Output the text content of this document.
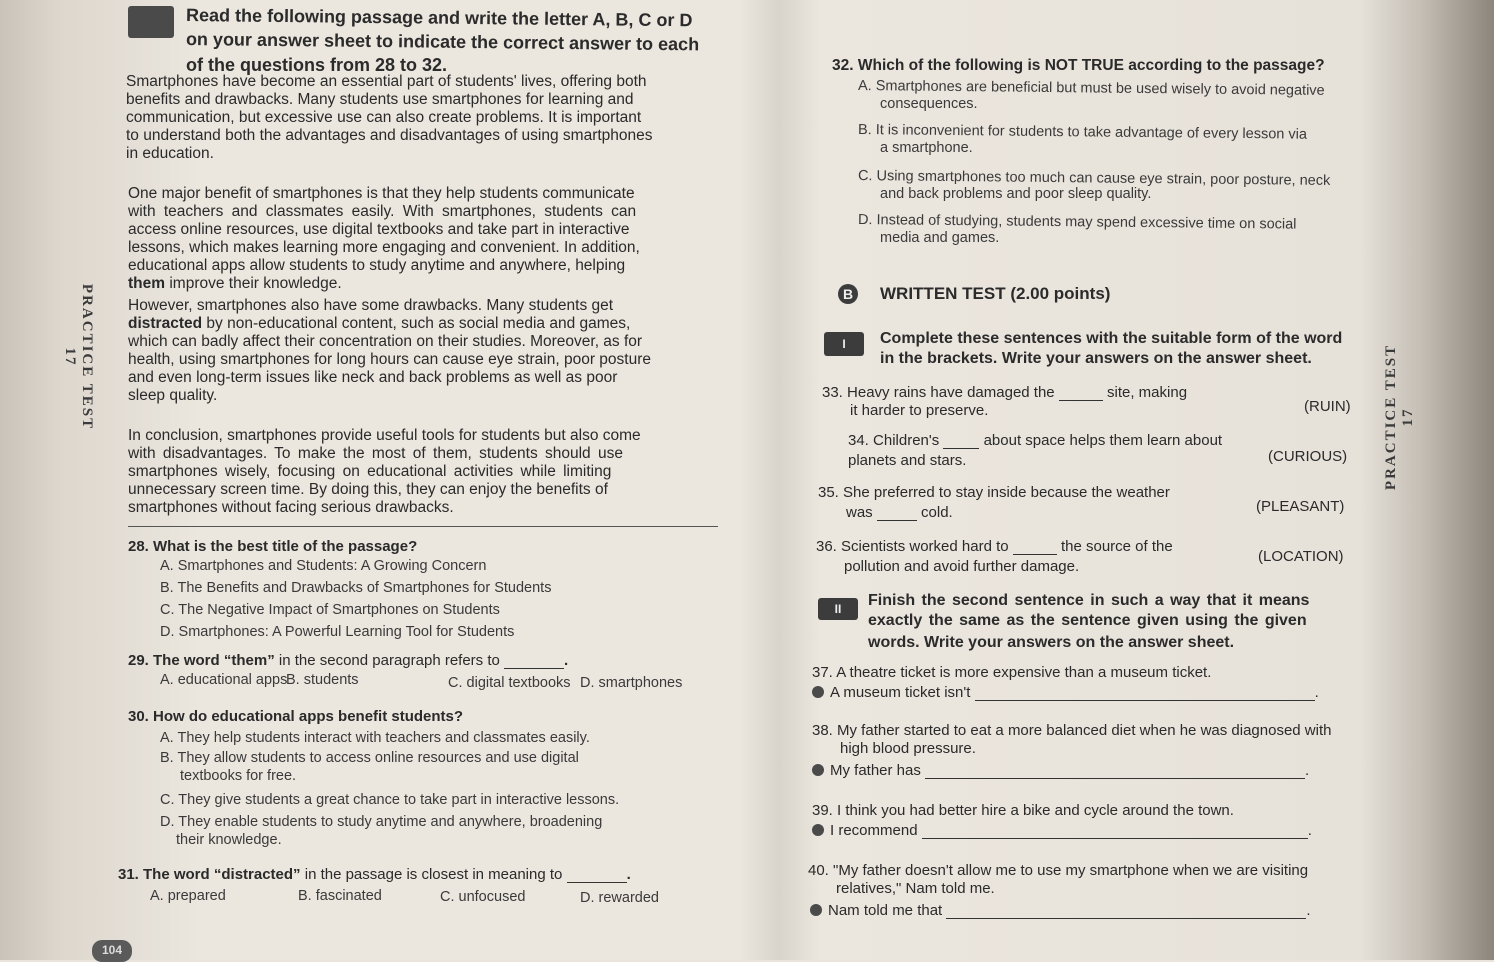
Read the following passage and write the letter A, B, C or D
on your answer sheet to indicate the correct answer to each
of the questions from 28 to 32.
PRACTICE TEST 17	PRACTICE TEST 17
Smartphones have become an essential part of students' lives, offering both
benefits and drawbacks. Many students use smartphones for learning and
communication, but excessive use can also create problems. It is important
to understand both the advantages and disadvantages of using smartphones
in education.
One major benefit of smartphones is that they help students communicate
with teachers and classmates easily. With smartphones, students can
access online resources, use digital textbooks and take part in interactive
lessons, which makes learning more engaging and convenient. In addition,
educational apps allow students to study anytime and anywhere, helping
them improve their knowledge.
However, smartphones also have some drawbacks. Many students get
distracted by non-educational content, such as social media and games,
which can badly affect their concentration on their studies. Moreover, as for
health, using smartphones for long hours can cause eye strain, poor posture
and even long-term issues like neck and back problems as well as poor
sleep quality.
In conclusion, smartphones provide useful tools for students but also come
with disadvantages. To make the most of them, students should use
smartphones wisely, focusing on educational activities while limiting
unnecessary screen time. By doing this, they can enjoy the benefits of
smartphones without facing serious drawbacks.
28. What is the best title of the passage?
A. Smartphones and Students: A Growing Concern
B. The Benefits and Drawbacks of Smartphones for Students
C. The Negative Impact of Smartphones on Students
D. Smartphones: A Powerful Learning Tool for Students
29. The word “them” in the second paragraph refers to	.
A. educational apps
B. students	C. digital textbooks D. smartphones
30. How do educational apps benefit students?
A. They help students interact with teachers and classmates easily.
B. They allow students to access online resources and use digital
textbooks for free.
C. They give students a great chance to take part in interactive lessons.
D. They enable students to study anytime and anywhere, broadening
their knowledge.
31. The word “distracted” in the passage is closest in meaning to	.
A. prepared	B. fascinated	C. unfocused	D. rewarded
104
32. Which of the following is NOT TRUE according to the passage?
A. Smartphones are beneficial but must be used wisely to avoid negative
consequences.
B. It is inconvenient for students to take advantage of every lesson via
a smartphone.
C. Using smartphones too much can cause eye strain, poor posture, neck
and back problems and poor sleep quality.
D. Instead of studying, students may spend excessive time on social
media and games.
B WRITTEN TEST (2.00 points)
I	Complete these sentences with the suitable form of the word
in the brackets. Write your answers on the answer sheet.
33. Heavy rains have damaged the	site, making
it harder to preserve.	(RUIN)
34. Children's	about space helps them learn about
planets and stars.	(CURIOUS)
35. She preferred to stay inside because the weather
was	cold.	(PLEASANT)
36. Scientists worked hard to	the source of the
pollution and avoid further damage.
(LOCATION)
II	Finish the second sentence in such a way that it means
exactly the same as the sentence given using the given
words. Write your answers on the answer sheet.
37. A theatre ticket is more expensive than a museum ticket.
A museum ticket isn't	.
38. My father started to eat a more balanced diet when he was diagnosed with
high blood pressure.
My father has	.
39. I think you had better hire a bike and cycle around the town.
I recommend	.
40. "My father doesn't allow me to use my smartphone when we are visiting
relatives," Nam told me.
Nam told me that	.
